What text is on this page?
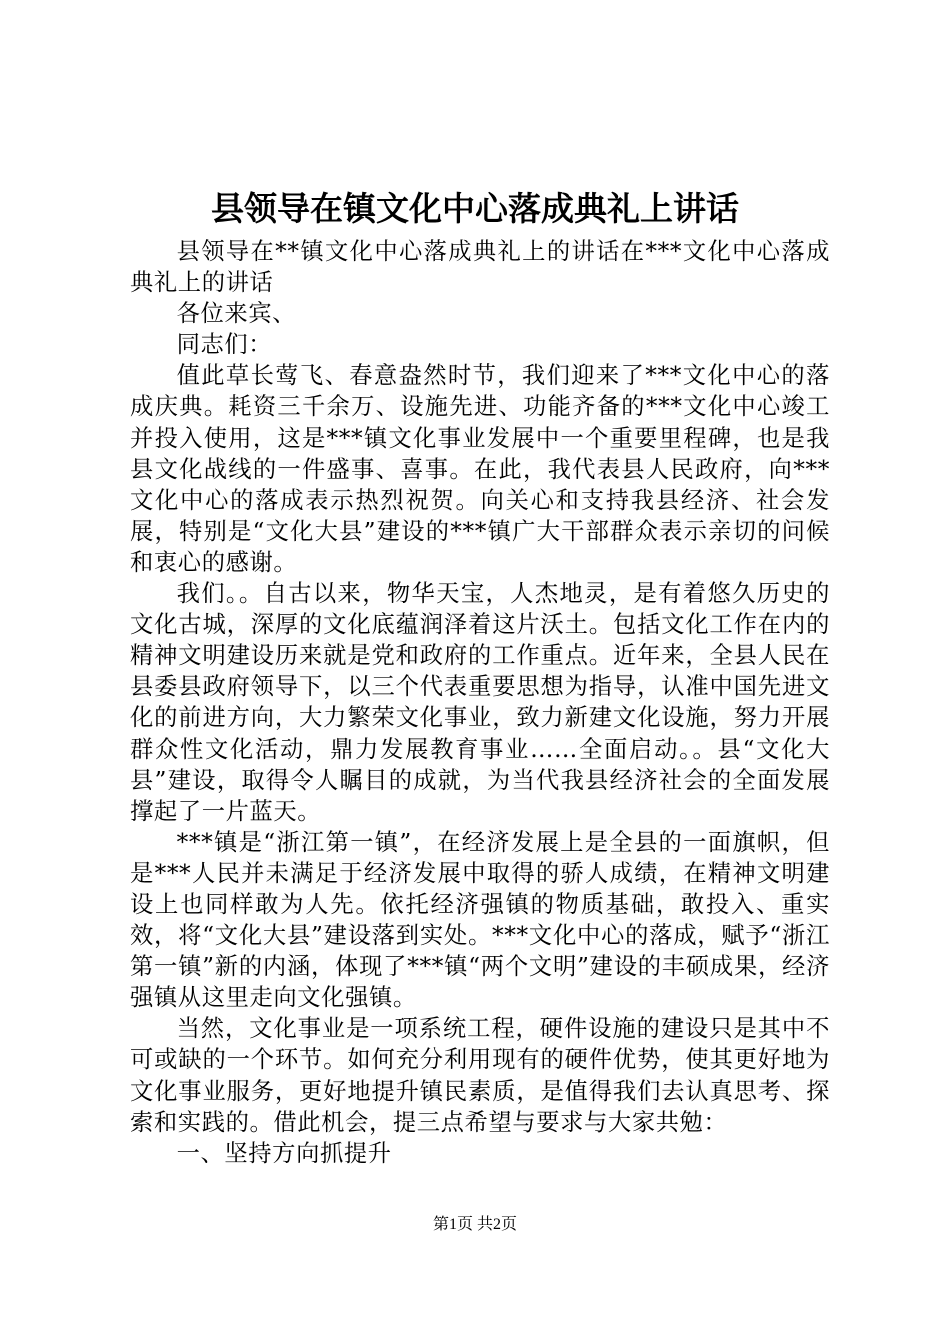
县领导在镇文化中心落成典礼上讲话

县领导在**镇文化中心落成典礼上的讲话在***文化中心落成典礼上的讲话

各位来宾、

同志们：

值此草长莺飞、春意盎然时节，我们迎来了***文化中心的落成庆典。耗资三千余万、设施先进、功能齐备的***文化中心竣工并投入使用，这是***镇文化事业发展中一个重要里程碑，也是我县文化战线的一件盛事、喜事。在此，我代表县人民政府，向***文化中心的落成表示热烈祝贺。向关心和支持我县经济、社会发展，特别是“文化大县”建设的***镇广大干部群众表示亲切的问候和衷心的感谢。

我们。。自古以来，物华天宝，人杰地灵，是有着悠久历史的文化古城，深厚的文化底蕴润泽着这片沃土。包括文化工作在内的精神文明建设历来就是党和政府的工作重点。近年来，全县人民在县委县政府领导下，以三个代表重要思想为指导，认准中国先进文化的前进方向，大力繁荣文化事业，致力新建文化设施，努力开展群众性文化活动，鼎力发展教育事业……全面启动。。县“文化大县”建设，取得令人瞩目的成就，为当代我县经济社会的全面发展撑起了一片蓝天。

***镇是“浙江第一镇”，在经济发展上是全县的一面旗帜，但是***人民并未满足于经济发展中取得的骄人成绩，在精神文明建设上也同样敢为人先。依托经济强镇的物质基础，敢投入、重实效，将“文化大县”建设落到实处。***文化中心的落成，赋予“浙江第一镇”新的内涵，体现了***镇“两个文明”建设的丰硕成果，经济强镇从这里走向文化强镇。

当然，文化事业是一项系统工程，硬件设施的建设只是其中不可或缺的一个环节。如何充分利用现有的硬件优势，使其更好地为文化事业服务，更好地提升镇民素质，是值得我们去认真思考、探索和实践的。借此机会，提三点希望与要求与大家共勉：

一、坚持方向抓提升

第1页 共2页
